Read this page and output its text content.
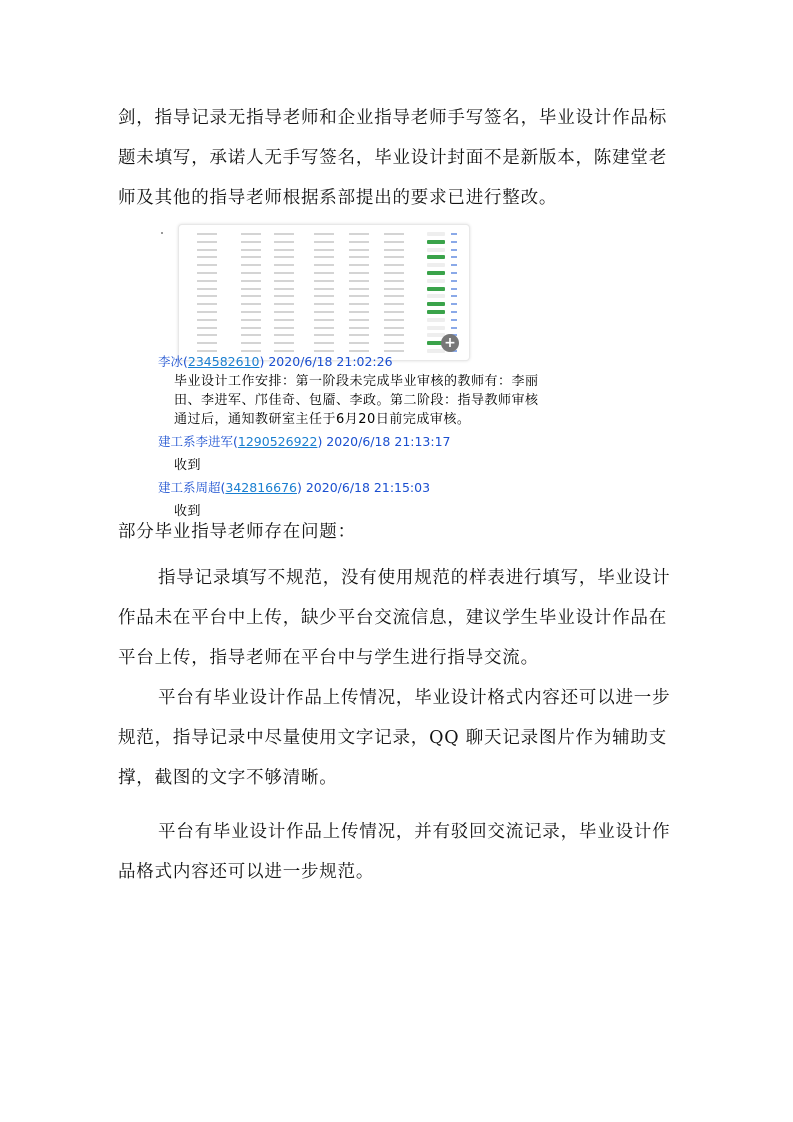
剑，指导记录无指导老师和企业指导老师手写签名，毕业设计作品标
题未填写，承诺人无手写签名，毕业设计封面不是新版本，陈建堂老
师及其他的指导老师根据系部提出的要求已进行整改。
+
李冰(234582610) 2020/6/18 21:02:26
毕业设计工作安排：第一阶段未完成毕业审核的教师有：李丽
田、李进军、邝佳奇、包靥、李政。第二阶段：指导教师审核
通过后，通知教研室主任于6月20日前完成审核。
建工系李进军(1290526922) 2020/6/18 21:13:17
收到
建工系周超(342816676) 2020/6/18 21:15:03
收到
部分毕业指导老师存在问题：
指导记录填写不规范，没有使用规范的样表进行填写，毕业设计
作品未在平台中上传，缺少平台交流信息，建议学生毕业设计作品在
平台上传，指导老师在平台中与学生进行指导交流。
平台有毕业设计作品上传情况，毕业设计格式内容还可以进一步
规范，指导记录中尽量使用文字记录，QQ 聊天记录图片作为辅助支
撑，截图的文字不够清晰。
平台有毕业设计作品上传情况，并有驳回交流记录，毕业设计作
品格式内容还可以进一步规范。
